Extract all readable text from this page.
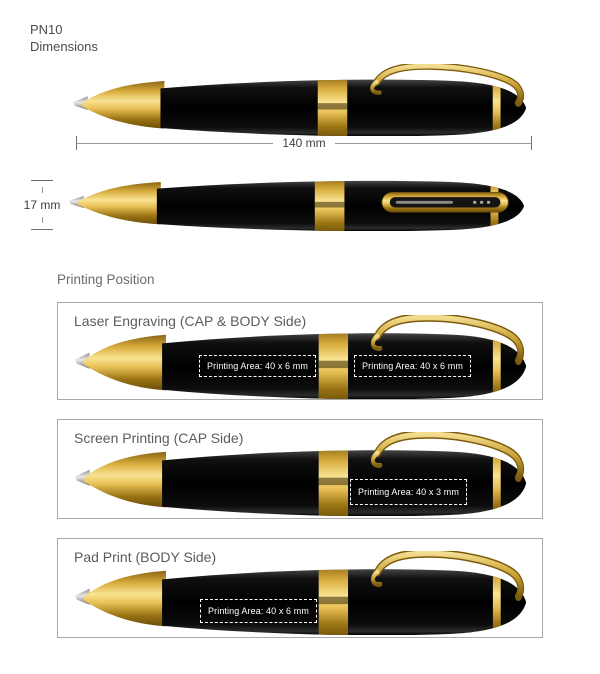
PN10
Dimensions
140 mm
17 mm
Printing Position
Laser Engraving (CAP & BODY Side)
Printing Area: 40 x 6 mm	Printing Area: 40 x 6 mm
Screen Printing (CAP Side)
Printing Area: 40 x 3 mm
Pad Print (BODY Side)
Printing Area: 40 x 6 mm
